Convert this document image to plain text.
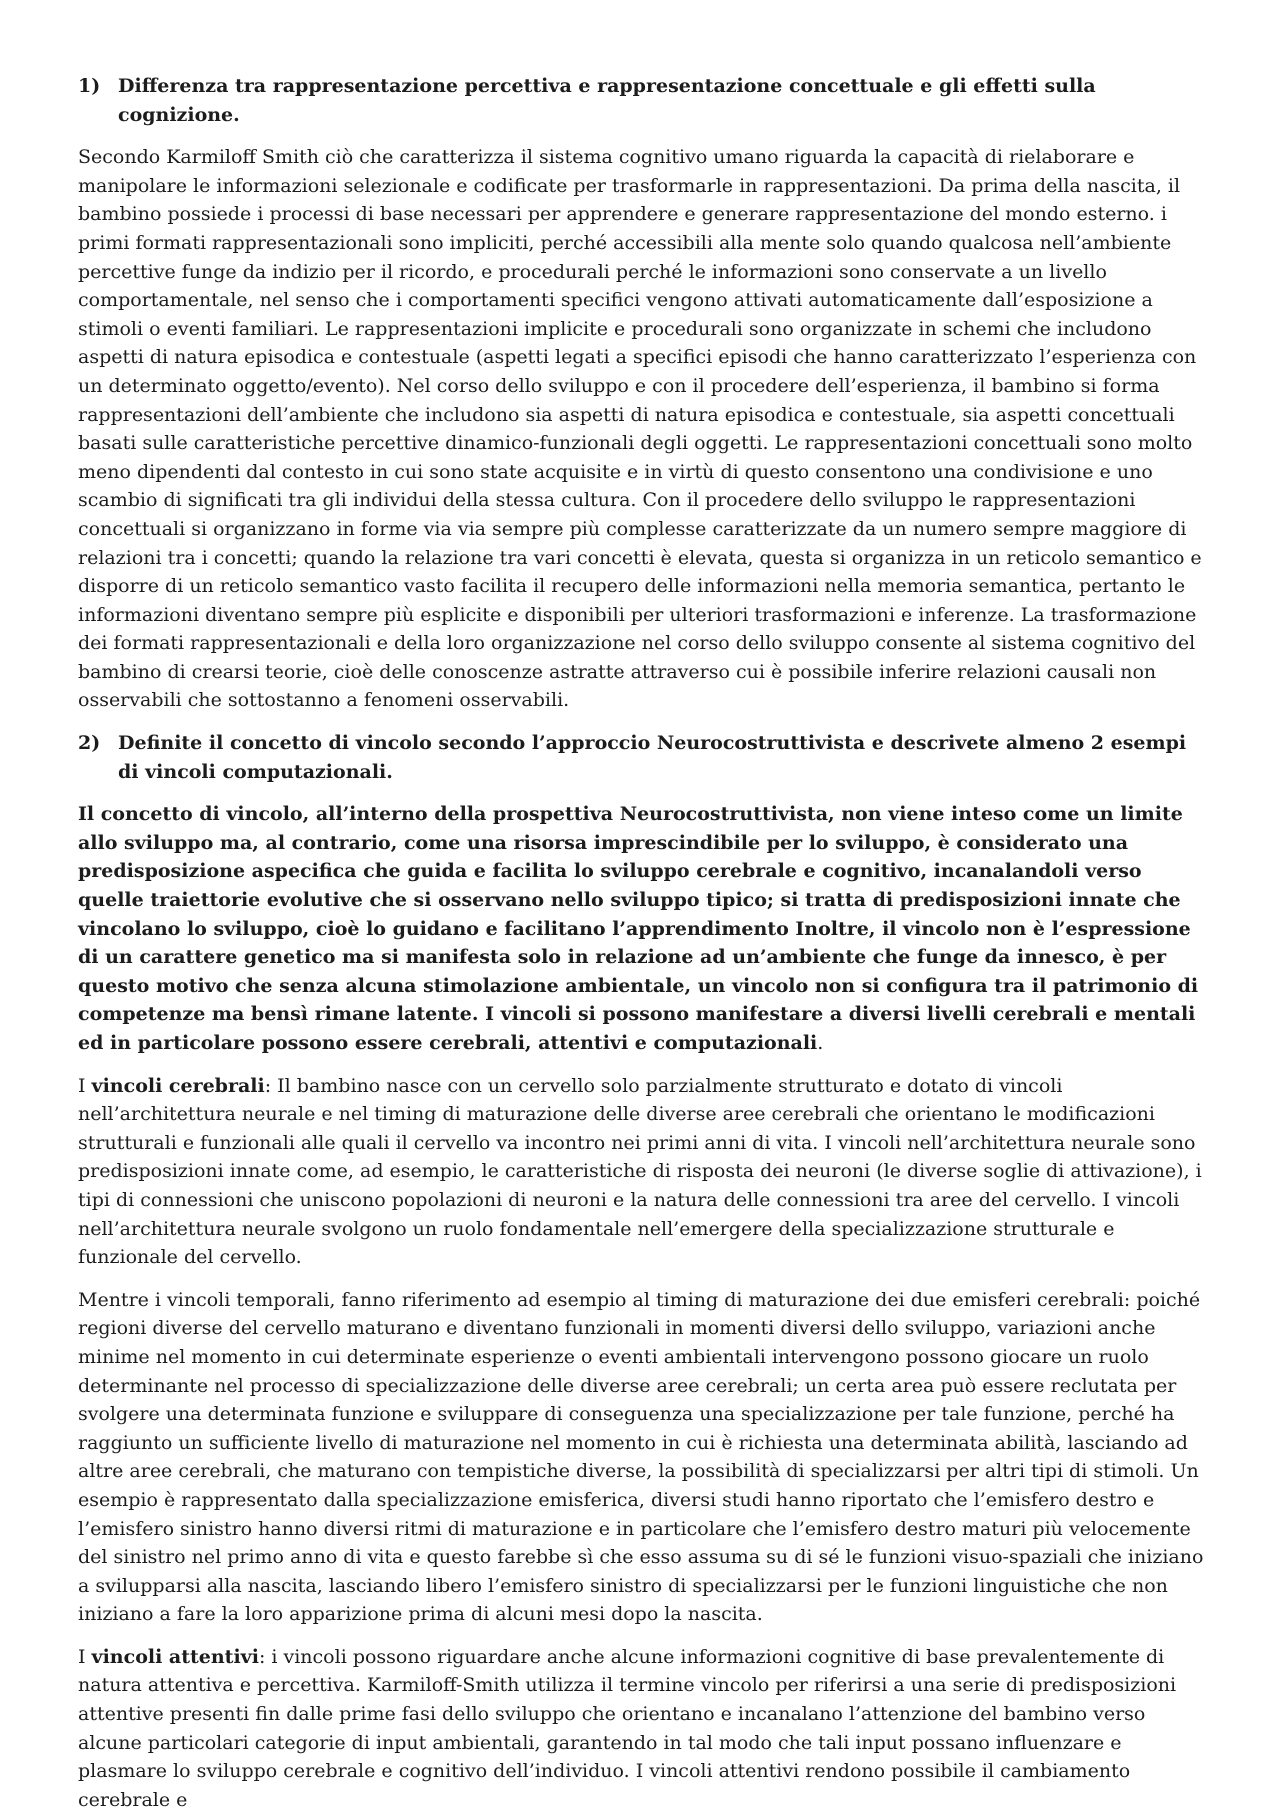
1) Differenza tra rappresentazione percettiva e rappresentazione concettuale e gli effetti sulla cognizione.

Secondo Karmiloff Smith ciò che caratterizza il sistema cognitivo umano riguarda la capacità di rielaborare e manipolare le informazioni selezionale e codificate per trasformarle in rappresentazioni. Da prima della nascita, il bambino possiede i processi di base necessari per apprendere e generare rappresentazione del mondo esterno. i primi formati rappresentazionali sono impliciti, perché accessibili alla mente solo quando qualcosa nell’ambiente percettive funge da indizio per il ricordo, e procedurali perché le informazioni sono conservate a un livello comportamentale, nel senso che i comportamenti specifici vengono attivati automaticamente dall’esposizione a stimoli o eventi familiari. Le rappresentazioni implicite e procedurali sono organizzate in schemi che includono aspetti di natura episodica e contestuale (aspetti legati a specifici episodi che hanno caratterizzato l’esperienza con un determinato oggetto/evento). Nel corso dello sviluppo e con il procedere dell’esperienza, il bambino si forma rappresentazioni dell’ambiente che includono sia aspetti di natura episodica e contestuale, sia aspetti concettuali basati sulle caratteristiche percettive dinamico-funzionali degli oggetti. Le rappresentazioni concettuali sono molto meno dipendenti dal contesto in cui sono state acquisite e in virtù di questo consentono una condivisione e uno scambio di significati tra gli individui della stessa cultura. Con il procedere dello sviluppo le rappresentazioni concettuali si organizzano in forme via via sempre più complesse caratterizzate da un numero sempre maggiore di relazioni tra i concetti; quando la relazione tra vari concetti è elevata, questa si organizza in un reticolo semantico e disporre di un reticolo semantico vasto facilita il recupero delle informazioni nella memoria semantica, pertanto le informazioni diventano sempre più esplicite e disponibili per ulteriori trasformazioni e inferenze. La trasformazione dei formati rappresentazionali e della loro organizzazione nel corso dello sviluppo consente al sistema cognitivo del bambino di crearsi teorie, cioè delle conoscenze astratte attraverso cui è possibile inferire relazioni causali non osservabili che sottostanno a fenomeni osservabili.

2) Definite il concetto di vincolo secondo l’approccio Neurocostruttivista e descrivete almeno 2 esempi di vincoli computazionali.

Il concetto di vincolo, all’interno della prospettiva Neurocostruttivista, non viene inteso come un limite allo sviluppo ma, al contrario, come una risorsa imprescindibile per lo sviluppo, è considerato una predisposizione aspecifica che guida e facilita lo sviluppo cerebrale e cognitivo, incanalandoli verso quelle traiettorie evolutive che si osservano nello sviluppo tipico; si tratta di predisposizioni innate che vincolano lo sviluppo, cioè lo guidano e facilitano l’apprendimento Inoltre, il vincolo non è l’espressione di un carattere genetico ma si manifesta solo in relazione ad un’ambiente che funge da innesco, è per questo motivo che senza alcuna stimolazione ambientale, un vincolo non si configura tra il patrimonio di competenze ma bensì rimane latente. I vincoli si possono manifestare a diversi livelli cerebrali e mentali ed in particolare possono essere cerebrali, attentivi e computazionali.

I vincoli cerebrali: Il bambino nasce con un cervello solo parzialmente strutturato e dotato di vincoli nell’architettura neurale e nel timing di maturazione delle diverse aree cerebrali che orientano le modificazioni strutturali e funzionali alle quali il cervello va incontro nei primi anni di vita. I vincoli nell’architettura neurale sono predisposizioni innate come, ad esempio, le caratteristiche di risposta dei neuroni (le diverse soglie di attivazione), i tipi di connessioni che uniscono popolazioni di neuroni e la natura delle connessioni tra aree del cervello. I vincoli nell’architettura neurale svolgono un ruolo fondamentale nell’emergere della specializzazione strutturale e funzionale del cervello.

Mentre i vincoli temporali, fanno riferimento ad esempio al timing di maturazione dei due emisferi cerebrali: poiché regioni diverse del cervello maturano e diventano funzionali in momenti diversi dello sviluppo, variazioni anche minime nel momento in cui determinate esperienze o eventi ambientali intervengono possono giocare un ruolo determinante nel processo di specializzazione delle diverse aree cerebrali; un certa area può essere reclutata per svolgere una determinata funzione e sviluppare di conseguenza una specializzazione per tale funzione, perché ha raggiunto un sufficiente livello di maturazione nel momento in cui è richiesta una determinata abilità, lasciando ad altre aree cerebrali, che maturano con tempistiche diverse, la possibilità di specializzarsi per altri tipi di stimoli. Un esempio è rappresentato dalla specializzazione emisferica, diversi studi hanno riportato che l’emisfero destro e l’emisfero sinistro hanno diversi ritmi di maturazione e in particolare che l’emisfero destro maturi più velocemente del sinistro nel primo anno di vita e questo farebbe sì che esso assuma su di sé le funzioni visuo-spaziali che iniziano a svilupparsi alla nascita, lasciando libero l’emisfero sinistro di specializzarsi per le funzioni linguistiche che non iniziano a fare la loro apparizione prima di alcuni mesi dopo la nascita.

I vincoli attentivi: i vincoli possono riguardare anche alcune informazioni cognitive di base prevalentemente di natura attentiva e percettiva. Karmiloff-Smith utilizza il termine vincolo per riferirsi a una serie di predisposizioni attentive presenti fin dalle prime fasi dello sviluppo che orientano e incanalano l’attenzione del bambino verso alcune particolari categorie di input ambientali, garantendo in tal modo che tali input possano influenzare e plasmare lo sviluppo cerebrale e cognitivo dell’individuo. I vincoli attentivi rendono possibile il cambiamento cerebrale e
